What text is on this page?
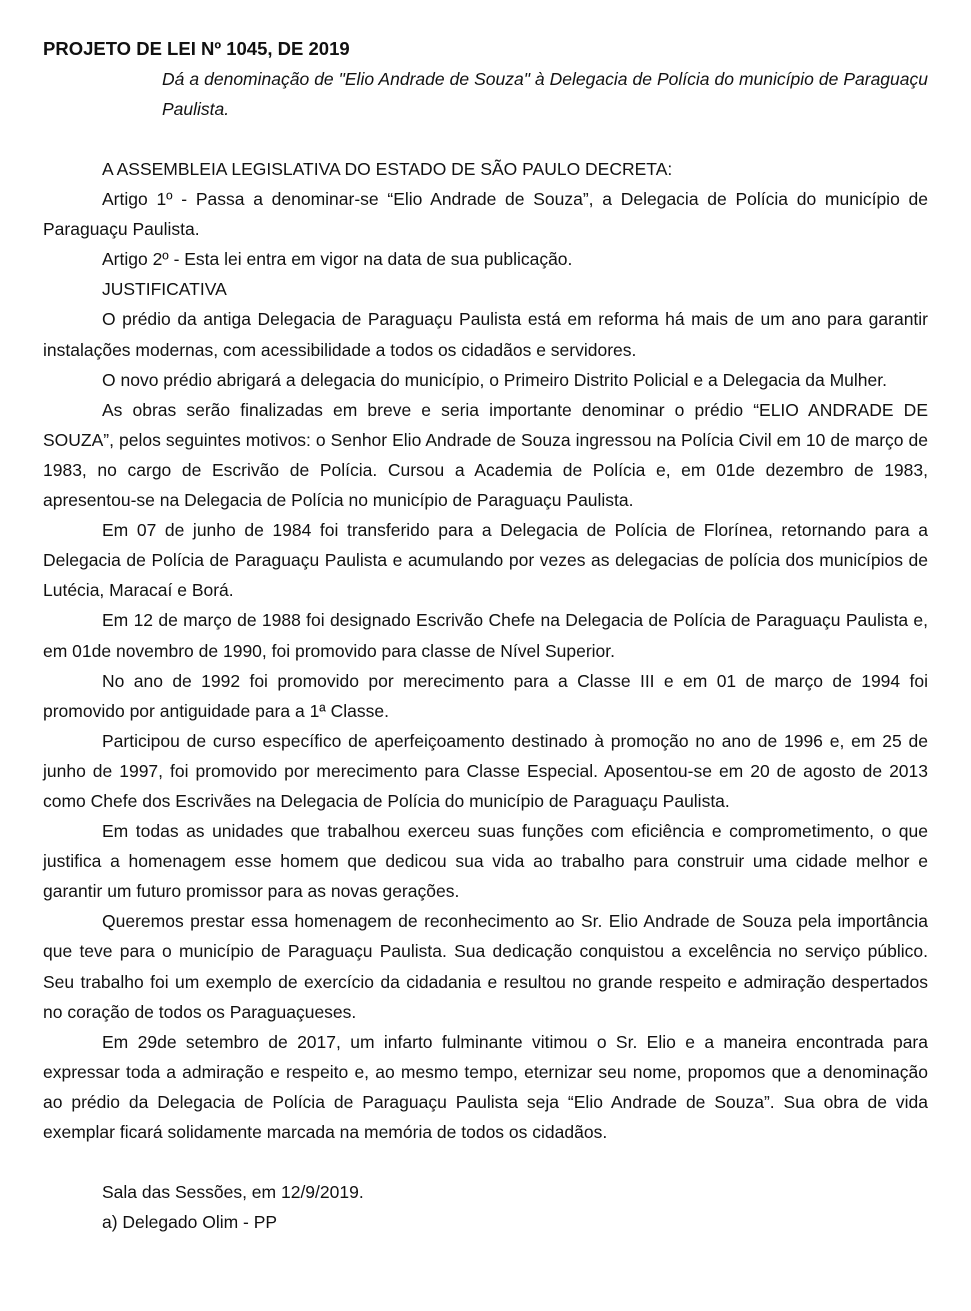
PROJETO DE LEI Nº 1045, DE 2019

Dá a denominação de "Elio Andrade de Souza" à Delegacia de Polícia do município de Paraguaçu Paulista.

A ASSEMBLEIA LEGISLATIVA DO ESTADO DE SÃO PAULO DECRETA:

Artigo 1º - Passa a denominar-se “Elio Andrade de Souza”, a Delegacia de Polícia do município de Paraguaçu Paulista.

Artigo 2º - Esta lei entra em vigor na data de sua publicação.

JUSTIFICATIVA

O prédio da antiga Delegacia de Paraguaçu Paulista está em reforma há mais de um ano para garantir instalações modernas, com acessibilidade a todos os cidadãos e servidores.

O novo prédio abrigará a delegacia do município, o Primeiro Distrito Policial e a Delegacia da Mulher.

As obras serão finalizadas em breve e seria importante denominar o prédio “ELIO ANDRADE DE SOUZA”, pelos seguintes motivos: o Senhor Elio Andrade de Souza ingressou na Polícia Civil em 10 de março de 1983, no cargo de Escrivão de Polícia. Cursou a Academia de Polícia e, em 01de dezembro de 1983, apresentou-se na Delegacia de Polícia no município de Paraguaçu Paulista.

Em 07 de junho de 1984 foi transferido para a Delegacia de Polícia de Florínea, retornando para a Delegacia de Polícia de Paraguaçu Paulista e acumulando por vezes as delegacias de polícia dos municípios de Lutécia, Maracaí e Borá.

Em 12 de março de 1988 foi designado Escrivão Chefe na Delegacia de Polícia de Paraguaçu Paulista e, em 01de novembro de 1990, foi promovido para classe de Nível Superior.

No ano de 1992 foi promovido por merecimento para a Classe III e em 01 de março de 1994 foi promovido por antiguidade para a 1ª Classe.

Participou de curso específico de aperfeiçoamento destinado à promoção no ano de 1996 e, em 25 de junho de 1997, foi promovido por merecimento para Classe Especial. Aposentou-se em 20 de agosto de 2013 como Chefe dos Escrivães na Delegacia de Polícia do município de Paraguaçu Paulista.

Em todas as unidades que trabalhou exerceu suas funções com eficiência e comprometimento, o que justifica a homenagem esse homem que dedicou sua vida ao trabalho para construir uma cidade melhor e garantir um futuro promissor para as novas gerações.

Queremos prestar essa homenagem de reconhecimento ao Sr. Elio Andrade de Souza pela importância que teve para o município de Paraguaçu Paulista. Sua dedicação conquistou a excelência no serviço público. Seu trabalho foi um exemplo de exercício da cidadania e resultou no grande respeito e admiração despertados no coração de todos os Paraguaçueses.

Em 29de setembro de 2017, um infarto fulminante vitimou o Sr. Elio e a maneira encontrada para expressar toda a admiração e respeito e, ao mesmo tempo, eternizar seu nome, propomos que a denominação ao prédio da Delegacia de Polícia de Paraguaçu Paulista seja “Elio Andrade de Souza”. Sua obra de vida exemplar ficará solidamente marcada na memória de todos os cidadãos.

Sala das Sessões, em 12/9/2019.

a) Delegado Olim - PP
